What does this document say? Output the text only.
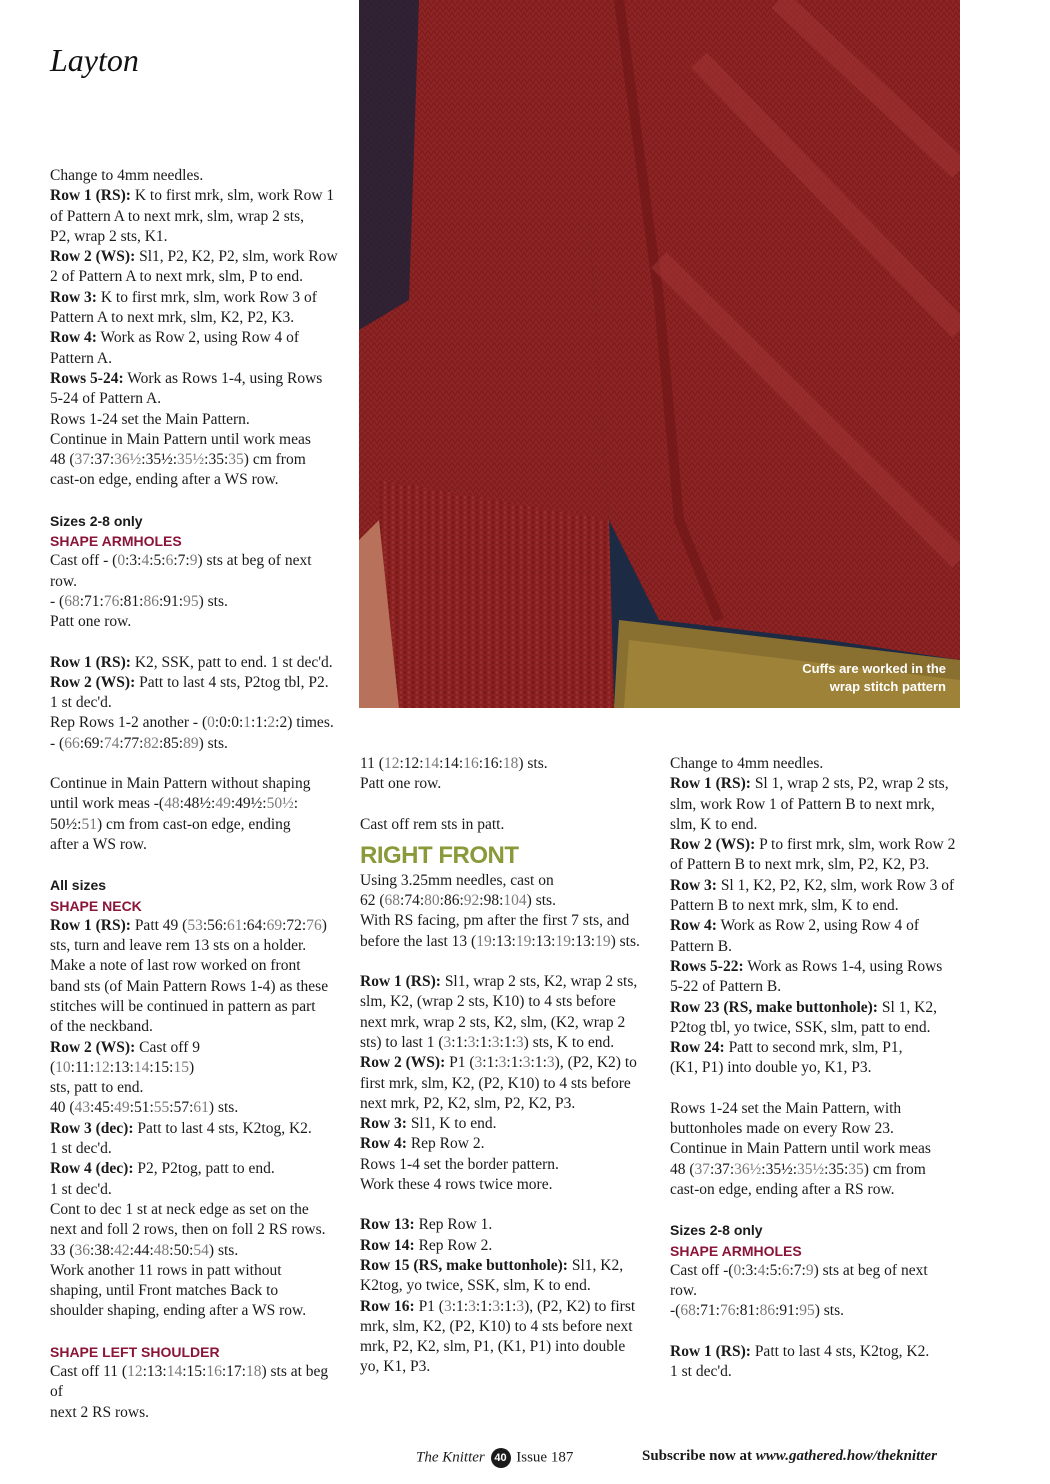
Layton
Cuffs are worked in the
wrap stitch pattern

Change to 4mm needles.

Row 1 (RS): K to first mrk, slm, work Row 1

of Pattern A to next mrk, slm, wrap 2 sts,

P2, wrap 2 sts, K1.

Row 2 (WS): Sl1, P2, K2, P2, slm, work Row

2 of Pattern A to next mrk, slm, P to end.

Row 3: K to first mrk, slm, work Row 3 of

Pattern A to next mrk, slm, K2, P2, K3.

Row 4: Work as Row 2, using Row 4 of

Pattern A.

Rows 5-24: Work as Rows 1-4, using Rows

5-24 of Pattern A.

Rows 1-24 set the Main Pattern.

Continue in Main Pattern until work meas

48 (37:37:36½:35½:35½:35:35) cm from

cast-on edge, ending after a WS row.

Sizes 2-8 only

SHAPE ARMHOLES

Cast off - (0:3:4:5:6:7:9) sts at beg of next

row.

- (68:71:76:81:86:91:95) sts.

Patt one row.

Row 1 (RS): K2, SSK, patt to end. 1 st dec'd.

Row 2 (WS): Patt to last 4 sts, P2tog tbl, P2.

1 st dec'd.

Rep Rows 1-2 another - (0:0:0:1:1:2:2) times.

- (66:69:74:77:82:85:89) sts.

Continue in Main Pattern without shaping

until work meas -(48:48½:49:49½:50½:

50½:51) cm from cast-on edge, ending

after a WS row.

All sizes

SHAPE NECK

Row 1 (RS): Patt 49 (53:56:61:64:69:72:76)

sts, turn and leave rem 13 sts on a holder.

Make a note of last row worked on front

band sts (of Main Pattern Rows 1-4) as these

stitches will be continued in pattern as part

of the neckband.

Row 2 (WS): Cast off 9 (10:11:12:13:14:15:15)

sts, patt to end.

40 (43:45:49:51:55:57:61) sts.

Row 3 (dec): Patt to last 4 sts, K2tog, K2.

1 st dec'd.

Row 4 (dec): P2, P2tog, patt to end.

1 st dec'd.

Cont to dec 1 st at neck edge as set on the

next and foll 2 rows, then on foll 2 RS rows.

33 (36:38:42:44:48:50:54) sts.

Work another 11 rows in patt without

shaping, until Front matches Back to

shoulder shaping, ending after a WS row.

SHAPE LEFT SHOULDER

Cast off 11 (12:13:14:15:16:17:18) sts at beg of

next 2 RS rows.

11 (12:12:14:14:16:16:18) sts.

Patt one row.

Cast off rem sts in patt.

RIGHT FRONT

Using 3.25mm needles, cast on

62 (68:74:80:86:92:98:104) sts.

With RS facing, pm after the first 7 sts, and

before the last 13 (19:13:19:13:19:13:19) sts.

Row 1 (RS): Sl1, wrap 2 sts, K2, wrap 2 sts,

slm, K2, (wrap 2 sts, K10) to 4 sts before

next mrk, wrap 2 sts, K2, slm, (K2, wrap 2

sts) to last 1 (3:1:3:1:3:1:3) sts, K to end.

Row 2 (WS): P1 (3:1:3:1:3:1:3), (P2, K2) to

first mrk, slm, K2, (P2, K10) to 4 sts before

next mrk, P2, K2, slm, P2, K2, P3.

Row 3: Sl1, K to end.

Row 4: Rep Row 2.

Rows 1-4 set the border pattern.

Work these 4 rows twice more.

Row 13: Rep Row 1.

Row 14: Rep Row 2.

Row 15 (RS, make buttonhole): Sl1, K2,

K2tog, yo twice, SSK, slm, K to end.

Row 16: P1 (3:1:3:1:3:1:3), (P2, K2) to first

mrk, slm, K2, (P2, K10) to 4 sts before next

mrk, P2, K2, slm, P1, (K1, P1) into double

yo, K1, P3.

Change to 4mm needles.

Row 1 (RS): Sl 1, wrap 2 sts, P2, wrap 2 sts,

slm, work Row 1 of Pattern B to next mrk,

slm, K to end.

Row 2 (WS): P to first mrk, slm, work Row 2

of Pattern B to next mrk, slm, P2, K2, P3.

Row 3: Sl 1, K2, P2, K2, slm, work Row 3 of

Pattern B to next mrk, slm, K to end.

Row 4: Work as Row 2, using Row 4 of

Pattern B.

Rows 5-22: Work as Rows 1-4, using Rows

5-22 of Pattern B.

Row 23 (RS, make buttonhole): Sl 1, K2,

P2tog tbl, yo twice, SSK, slm, patt to end.

Row 24: Patt to second mrk, slm, P1,

(K1, P1) into double yo, K1, P3.

Rows 1-24 set the Main Pattern, with

buttonholes made on every Row 23.

Continue in Main Pattern until work meas

48 (37:37:36½:35½:35½:35:35) cm from

cast-on edge, ending after a RS row.

Sizes 2-8 only

SHAPE ARMHOLES

Cast off -(0:3:4:5:6:7:9) sts at beg of next

row.

-(68:71:76:81:86:91:95) sts.

Row 1 (RS): Patt to last 4 sts, K2tog, K2.

1 st dec'd.

The Knitter 40 Issue 187	Subscribe now at www.gathered.how/theknitter
